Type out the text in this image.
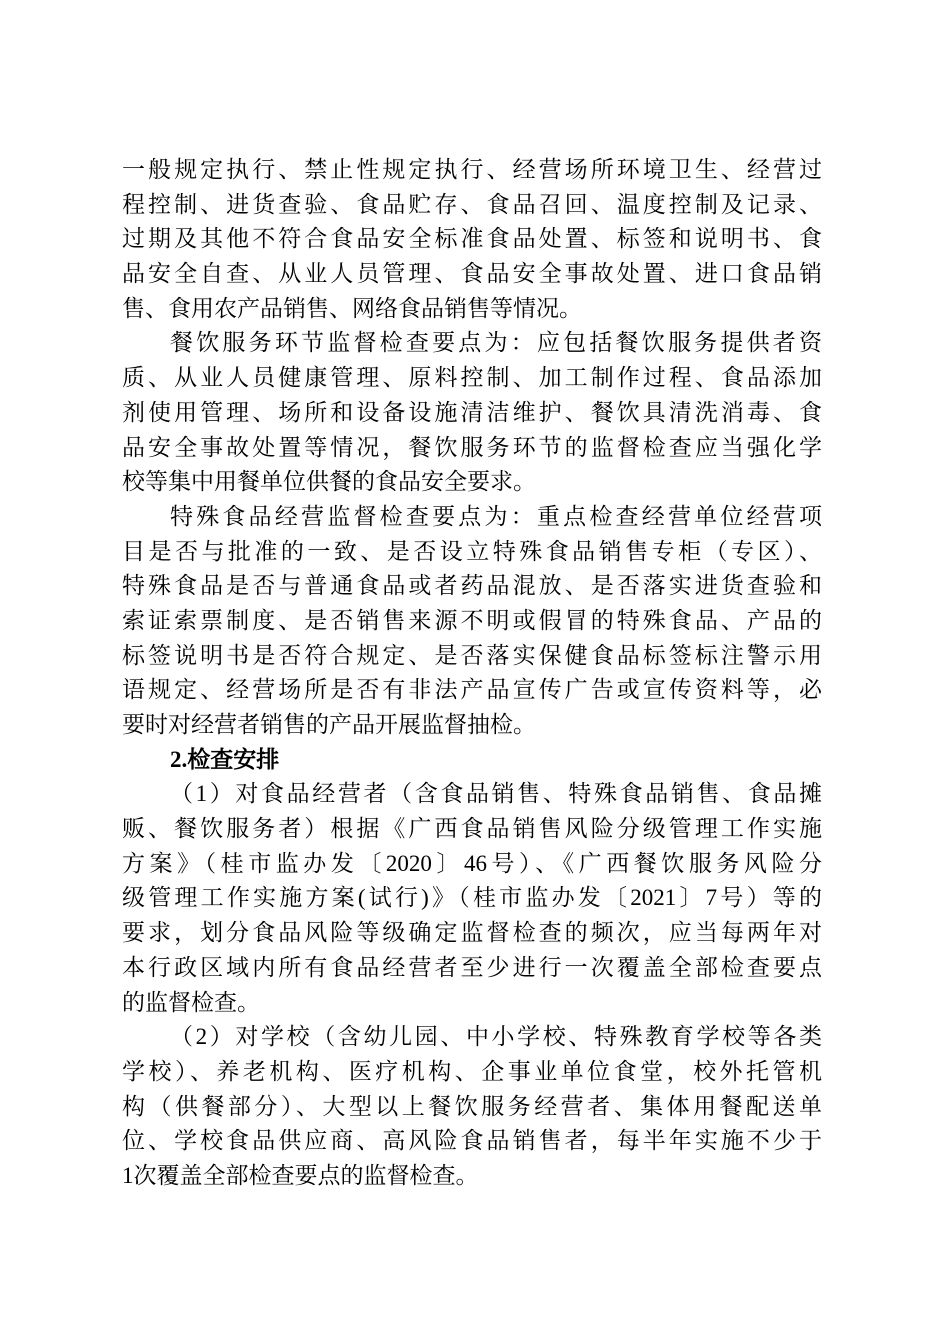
一般规定执行、禁止性规定执行、经营场所环境卫生、经营过
程控制、进货查验、食品贮存、食品召回、温度控制及记录、
过期及其他不符合食品安全标准食品处置、标签和说明书、食
品安全自查、从业人员管理、食品安全事故处置、进口食品销
售、食用农产品销售、网络食品销售等情况。
餐饮服务环节监督检查要点为：应包括餐饮服务提供者资
质、从业人员健康管理、原料控制、加工制作过程、食品添加
剂使用管理、场所和设备设施清洁维护、餐饮具清洗消毒、食
品安全事故处置等情况，餐饮服务环节的监督检查应当强化学
校等集中用餐单位供餐的食品安全要求。
特殊食品经营监督检查要点为：重点检查经营单位经营项
目是否与批准的一致、是否设立特殊食品销售专柜（专区）、
特殊食品是否与普通食品或者药品混放、是否落实进货查验和
索证索票制度、是否销售来源不明或假冒的特殊食品、产品的
标签说明书是否符合规定、是否落实保健食品标签标注警示用
语规定、经营场所是否有非法产品宣传广告或宣传资料等，必
要时对经营者销售的产品开展监督抽检。
2.检查安排
（1）对食品经营者（含食品销售、特殊食品销售、食品摊
贩、餐饮服务者）根据《广西食品销售风险分级管理工作实施
方案》（桂市监办发〔2020〕46号）、《广西餐饮服务风险分
级管理工作实施方案(试行)》（桂市监办发〔2021〕7号）等的
要求，划分食品风险等级确定监督检查的频次，应当每两年对
本行政区域内所有食品经营者至少进行一次覆盖全部检查要点
的监督检查。
（2）对学校（含幼儿园、中小学校、特殊教育学校等各类
学校）、养老机构、医疗机构、企事业单位食堂，校外托管机
构（供餐部分）、大型以上餐饮服务经营者、集体用餐配送单
位、学校食品供应商、高风险食品销售者，每半年实施不少于
1次覆盖全部检查要点的监督检查。
